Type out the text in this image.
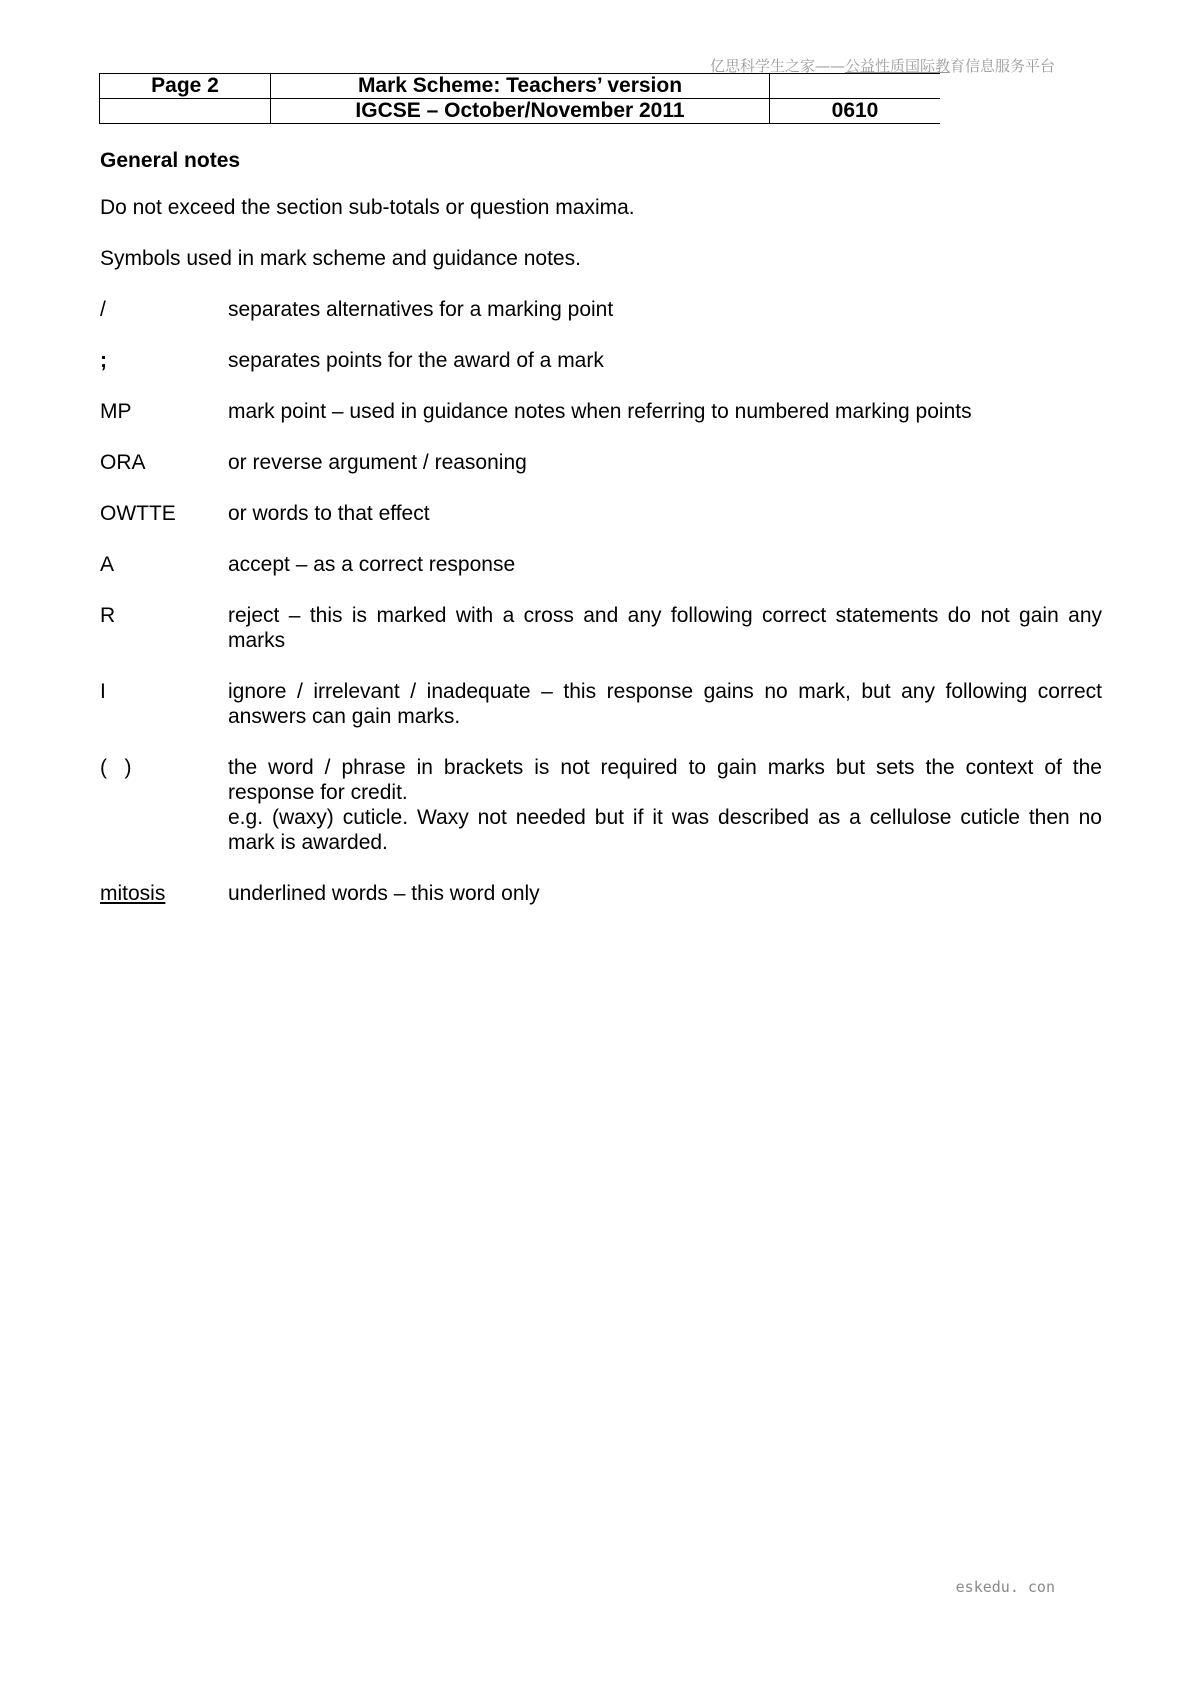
亿思科学生之家——公益性质国际教育信息服务平台
Page 2	Mark Scheme: Teachers’ version	
	IGCSE – October/November 2011	0610
General notes
Do not exceed the section sub-totals or question maxima.
Symbols used in mark scheme and guidance notes.
/	separates alternatives for a marking point
;	separates points for the award of a mark
MP	mark point – used in guidance notes when referring to numbered marking points
ORA	or reverse argument / reasoning
OWTTE	or words to that effect
A	accept – as a correct response
R	reject – this is marked with a cross and any following correct statements do not gain any marks
I	ignore / irrelevant / inadequate – this response gains no mark, but any following correct answers can gain marks.
(   )	the word / phrase in brackets is not required to gain marks but sets the context of the response for credit.

e.g. (waxy) cuticle. Waxy not needed but if it was described as a cellulose cuticle then no mark is awarded.

mitosis	underlined words – this word only
eskedu. con
